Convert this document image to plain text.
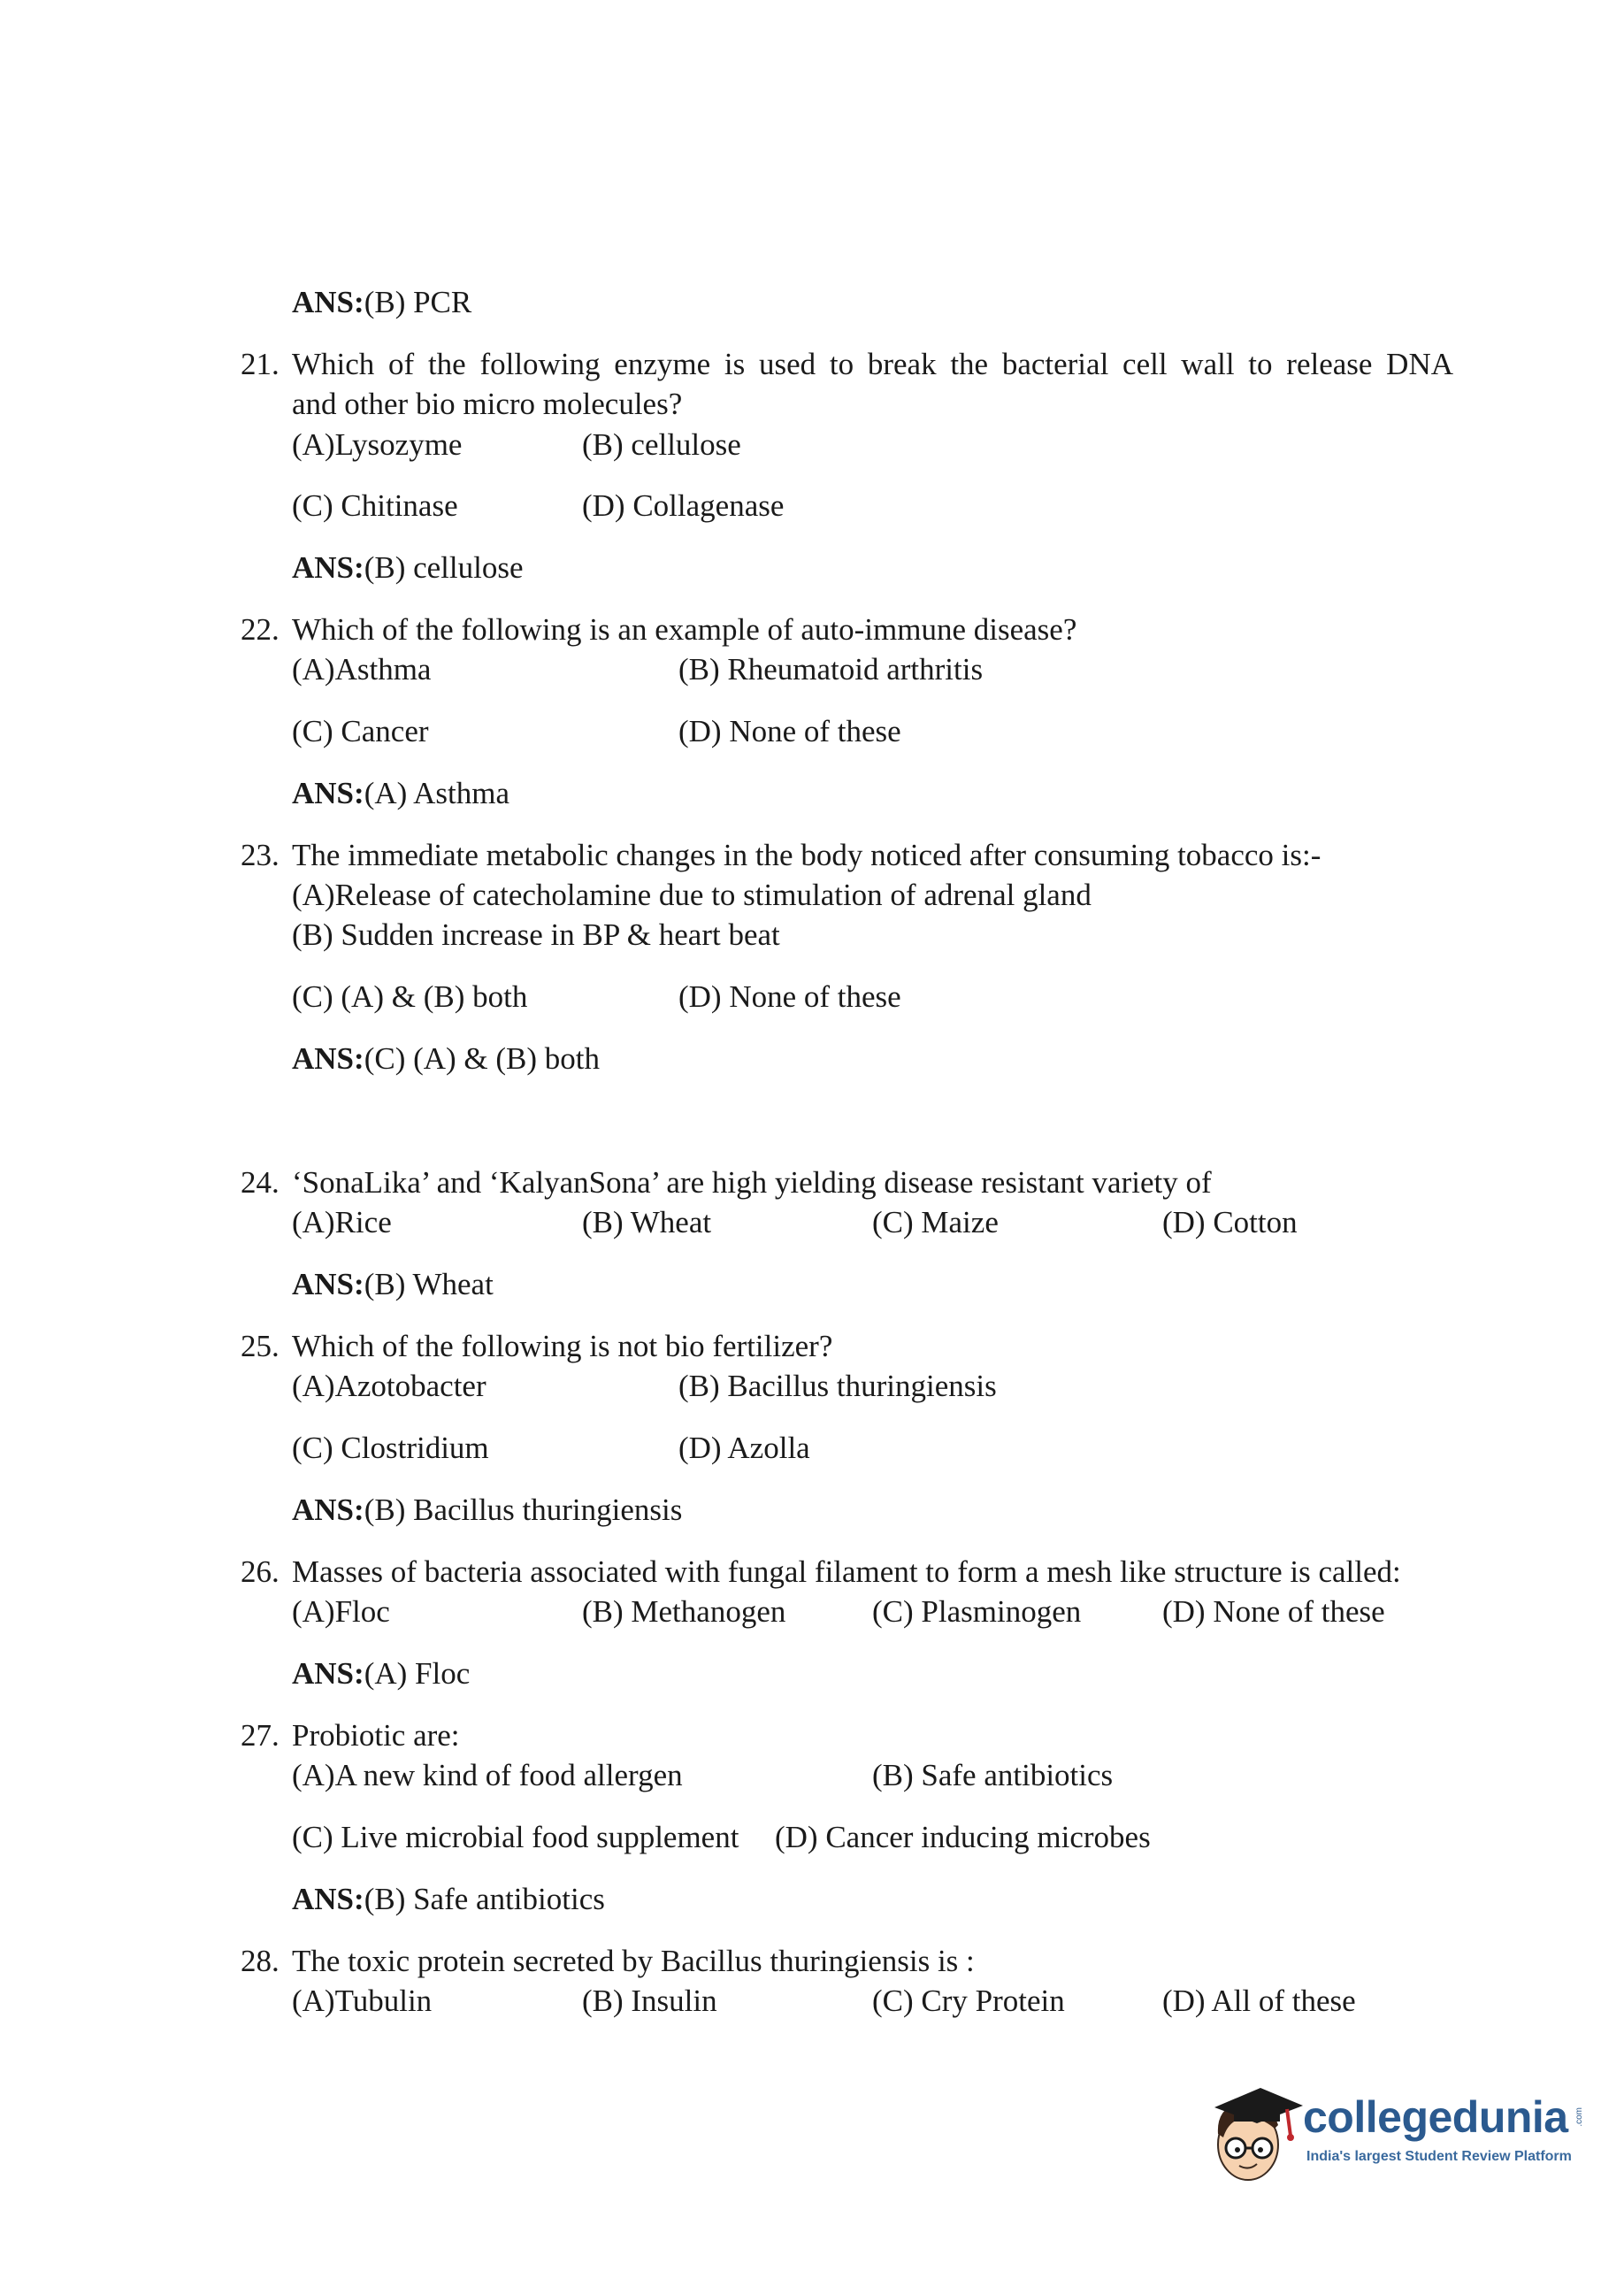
ANS:(B) PCR
21. Which of the following enzyme is used to break the bacterial cell wall to release DNA
and other bio micro molecules?
(A)Lysozyme	(B) cellulose
(C) Chitinase	(D) Collagenase
ANS:(B) cellulose
22. Which of the following is an example of auto-immune disease?
(A)Asthma	(B) Rheumatoid arthritis
(C) Cancer	(D) None of these
ANS:(A) Asthma
23. The immediate metabolic changes in the body noticed after consuming tobacco is:-
(A)Release of catecholamine due to stimulation of adrenal gland
(B) Sudden increase in BP & heart beat
(C) (A) & (B) both	(D) None of these
ANS:(C) (A) & (B) both
24. ‘SonaLika’ and ‘KalyanSona’ are high yielding disease resistant variety of
(A)Rice	(B) Wheat	(C) Maize	(D) Cotton
ANS:(B) Wheat
25. Which of the following is not bio fertilizer?
(A)Azotobacter	(B) Bacillus thuringiensis
(C) Clostridium	(D) Azolla
ANS:(B) Bacillus thuringiensis
26. Masses of bacteria associated with fungal filament to form a mesh like structure is called:
(A)Floc	(B) Methanogen	(C) Plasminogen	(D) None of these
ANS:(A) Floc
27. Probiotic are:
(A)A new kind of food allergen	(B) Safe antibiotics
(C) Live microbial food supplement (D) Cancer inducing microbes
ANS:(B) Safe antibiotics
28. The toxic protein secreted by Bacillus thuringiensis is :
(A)Tubulin	(B) Insulin	(C) Cry Protein	(D) All of these
collegedunia .com
India's largest Student Review Platform
